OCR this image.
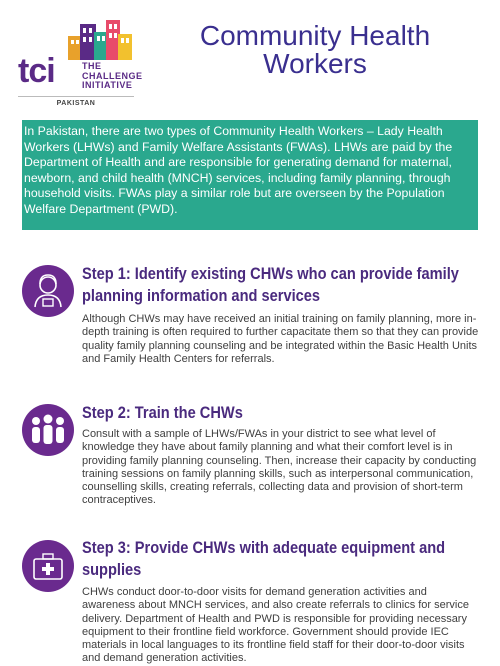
tci	THE
CHALLENGE
INITIATIVE
PAKISTAN
Community Health Workers

In Pakistan, there are two types of Community Health Workers – Lady Health Workers (LHWs) and Family Welfare Assistants (FWAs). LHWs are paid by the Department of Health and are responsible for generating demand for maternal, newborn, and child health (MNCH) services, including family planning, through household visits. FWAs play a similar role but are overseen by the Population Welfare Department (PWD).

Step 1: Identify existing CHWs who can provide family planning information and services

Although CHWs may have received an initial training on family planning, more in-depth training is often required to further capacitate them so that they can provide quality family planning counseling and be integrated within the Basic Health Units and Family Health Centers for referrals.

Step 2: Train the CHWs

Consult with a sample of LHWs/FWAs in your district to see what level of knowledge they have about family planning and what their comfort level is in providing family planning counseling. Then, increase their capacity by conducting training sessions on family planning skills, such as interpersonal communication, counselling skills, creating referrals, collecting data and provision of short-term contraceptives.

Step 3: Provide CHWs with adequate equipment and supplies

CHWs conduct door-to-door visits for demand generation activities and awareness about MNCH services, and also create referrals to clinics for service delivery. Department of Health and PWD is responsible for providing necessary equipment to their frontline field workforce. Government should provide IEC materials in local languages to its frontline field staff for their door-to-door visits and demand generation activities.
